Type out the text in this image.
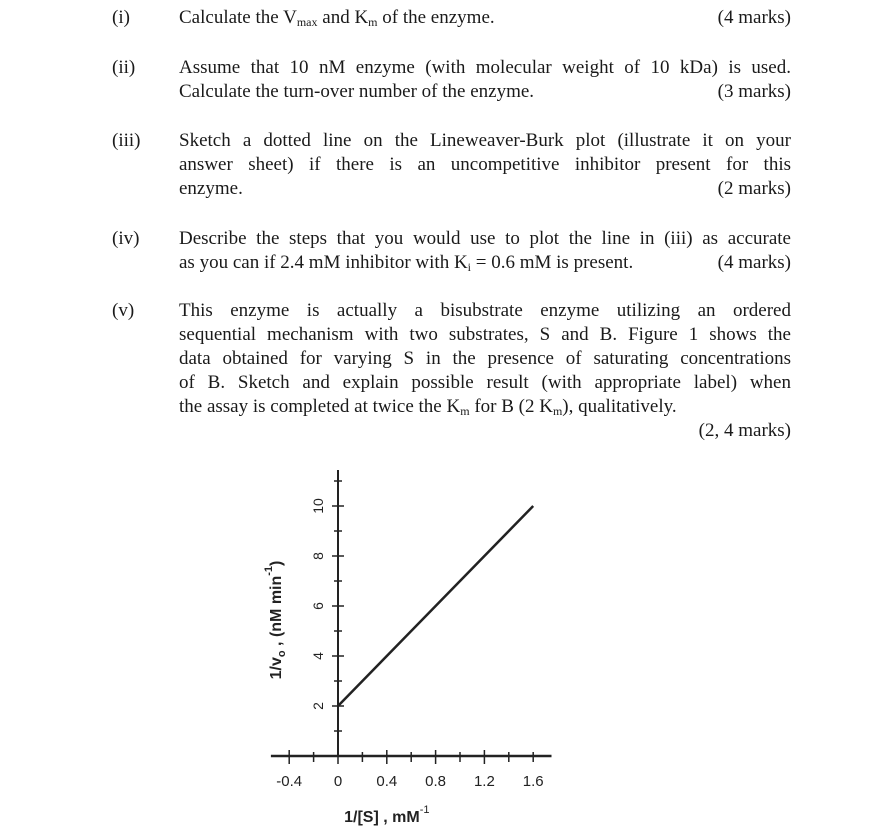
(i)	Calculate the $V_{max}$ and $K_m$ of the enzyme.	(4 marks)
(ii)	Assume that 10 nM enzyme (with molecular weight of 10 kDa) is used.
Calculate the turn-over number of the enzyme.	(3 marks)
(iii)	Sketch a dotted line on the Lineweaver-Burk plot (illustrate it on your
answer sheet) if there is an uncompetitive inhibitor present for this
enzyme.	(2 marks)
(iv)	Describe the steps that you would use to plot the line in (iii) as accurate
as you can if 2.4 mM inhibitor with $K_i = 0.6$ mM is present.	(4 marks)
(v)	This enzyme is actually a bisubstrate enzyme utilizing an ordered
sequential mechanism with two substrates, S and B. Figure 1 shows the
data obtained for varying S in the presence of saturating concentrations
of B. Sketch and explain possible result (with appropriate label) when
the assay is completed at twice the $K_m$ for B (2 $K_m$), qualitatively.
(2, 4 marks)
-0.4 0 0.4 0.8 1.2 1.6
2
4
6
8
10
1/[S] , $mM^{-1}$
$1/v_o$ , (nM $\min^{-1}$)
